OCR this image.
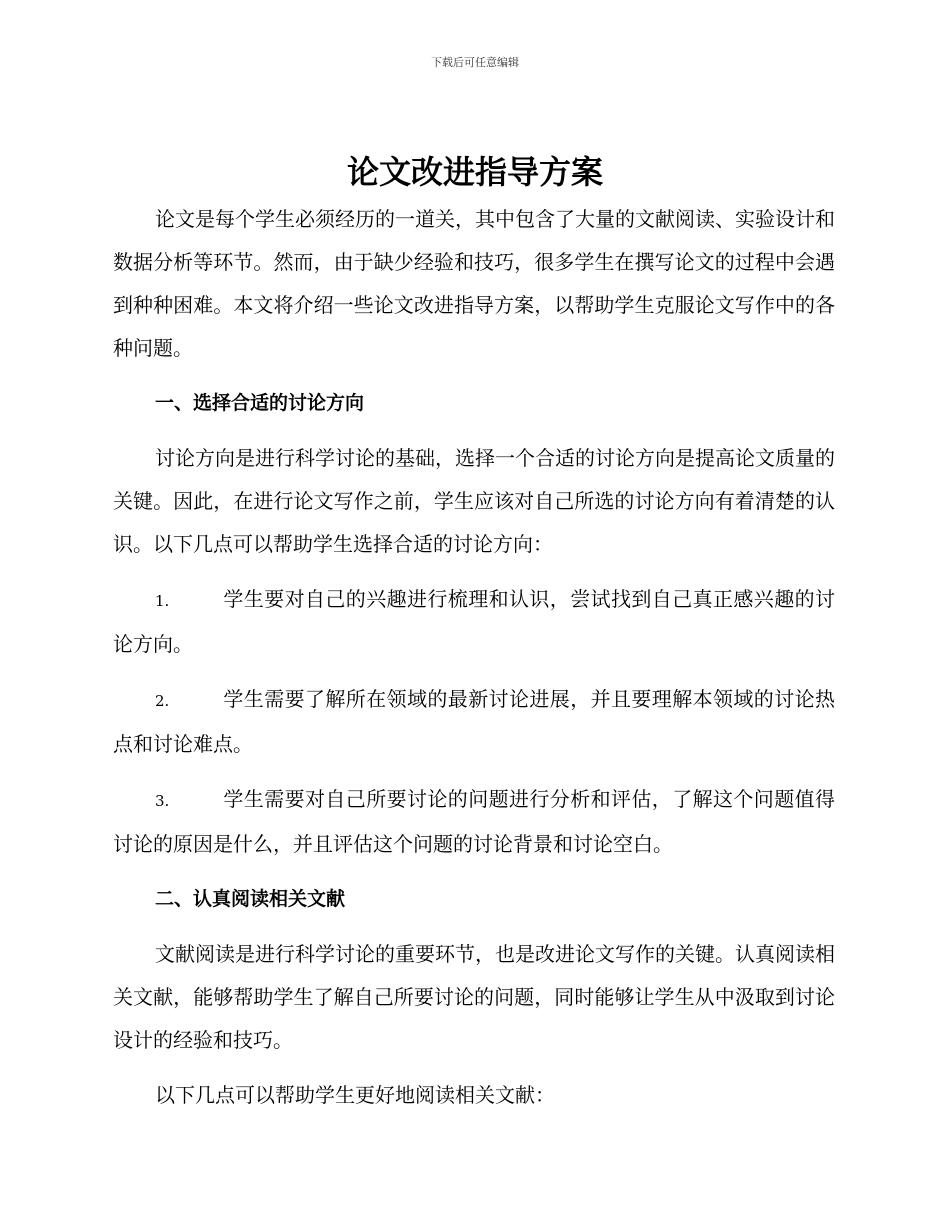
下载后可任意编辑
论文改进指导方案

论文是每个学生必须经历的一道关，其中包含了大量的文献阅读、实验设计和数据分析等环节。然而，由于缺少经验和技巧，很多学生在撰写论文的过程中会遇到种种困难。本文将介绍一些论文改进指导方案，以帮助学生克服论文写作中的各种问题。

一、选择合适的讨论方向

讨论方向是进行科学讨论的基础，选择一个合适的讨论方向是提高论文质量的关键。因此，在进行论文写作之前，学生应该对自己所选的讨论方向有着清楚的认识。以下几点可以帮助学生选择合适的讨论方向：

1.	学生要对自己的兴趣进行梳理和认识，尝试找到自己真正感兴趣的讨论方向。

2.	学生需要了解所在领域的最新讨论进展，并且要理解本领域的讨论热点和讨论难点。

3.	学生需要对自己所要讨论的问题进行分析和评估，了解这个问题值得讨论的原因是什么，并且评估这个问题的讨论背景和讨论空白。

二、认真阅读相关文献

文献阅读是进行科学讨论的重要环节，也是改进论文写作的关键。认真阅读相关文献，能够帮助学生了解自己所要讨论的问题，同时能够让学生从中汲取到讨论设计的经验和技巧。

以下几点可以帮助学生更好地阅读相关文献：
